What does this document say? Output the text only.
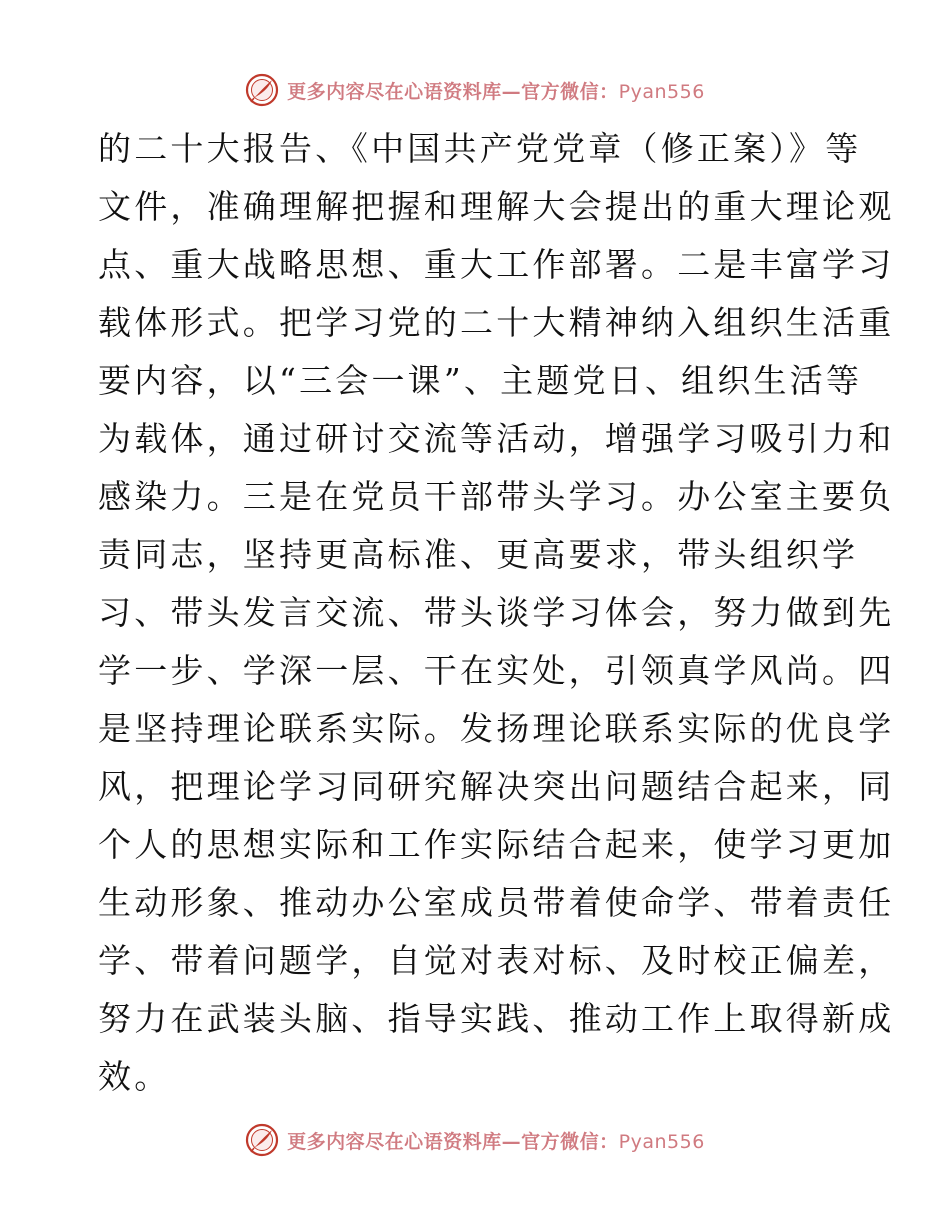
更多内容尽在心语资料库—官方微信：Pyan556
的二十大报告、《中国共产党党章（修正案）》等
文件，准确理解把握和理解大会提出的重大理论观
点、重大战略思想、重大工作部署。二是丰富学习
载体形式。把学习党的二十大精神纳入组织生活重
要内容，以“三会一课”、主题党日、组织生活等
为载体，通过研讨交流等活动，增强学习吸引力和
感染力。三是在党员干部带头学习。办公室主要负
责同志，坚持更高标准、更高要求，带头组织学
习、带头发言交流、带头谈学习体会，努力做到先
学一步、学深一层、干在实处，引领真学风尚。四
是坚持理论联系实际。发扬理论联系实际的优良学
风，把理论学习同研究解决突出问题结合起来，同
个人的思想实际和工作实际结合起来，使学习更加
生动形象、推动办公室成员带着使命学、带着责任
学、带着问题学，自觉对表对标、及时校正偏差，
努力在武装头脑、指导实践、推动工作上取得新成
效。
更多内容尽在心语资料库—官方微信：Pyan556
